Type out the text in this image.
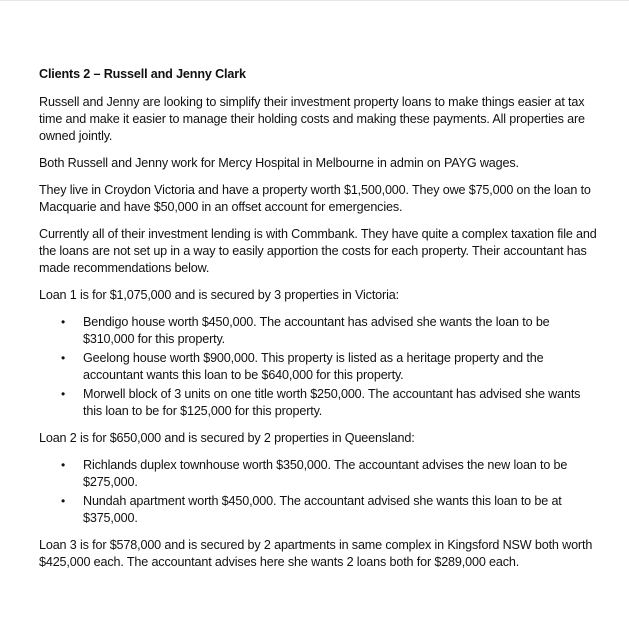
Clients 2 – Russell and Jenny Clark

Russell and Jenny are looking to simplify their investment property loans to make things easier at tax time and make it easier to manage their holding costs and making these payments. All properties are owned jointly.

Both Russell and Jenny work for Mercy Hospital in Melbourne in admin on PAYG wages.

They live in Croydon Victoria and have a property worth $1,500,000. They owe $75,000 on the loan to Macquarie and have $50,000 in an offset account for emergencies.

Currently all of their investment lending is with Commbank. They have quite a complex taxation file and the loans are not set up in a way to easily apportion the costs for each property. Their accountant has made recommendations below.

Loan 1 is for $1,075,000 and is secured by 3 properties in Victoria:

• Bendigo house worth $450,000. The accountant has advised she wants the loan to be $310,000 for this property.
• Geelong house worth $900,000. This property is listed as a heritage property and the accountant wants this loan to be $640,000 for this property.
• Morwell block of 3 units on one title worth $250,000. The accountant has advised she wants this loan to be for $125,000 for this property.

Loan 2 is for $650,000 and is secured by 2 properties in Queensland:

• Richlands duplex townhouse worth $350,000. The accountant advises the new loan to be $275,000.
• Nundah apartment worth $450,000. The accountant advised she wants this loan to be at $375,000.

Loan 3 is for $578,000 and is secured by 2 apartments in same complex in Kingsford NSW both worth $425,000 each. The accountant advises here she wants 2 loans both for $289,000 each.
